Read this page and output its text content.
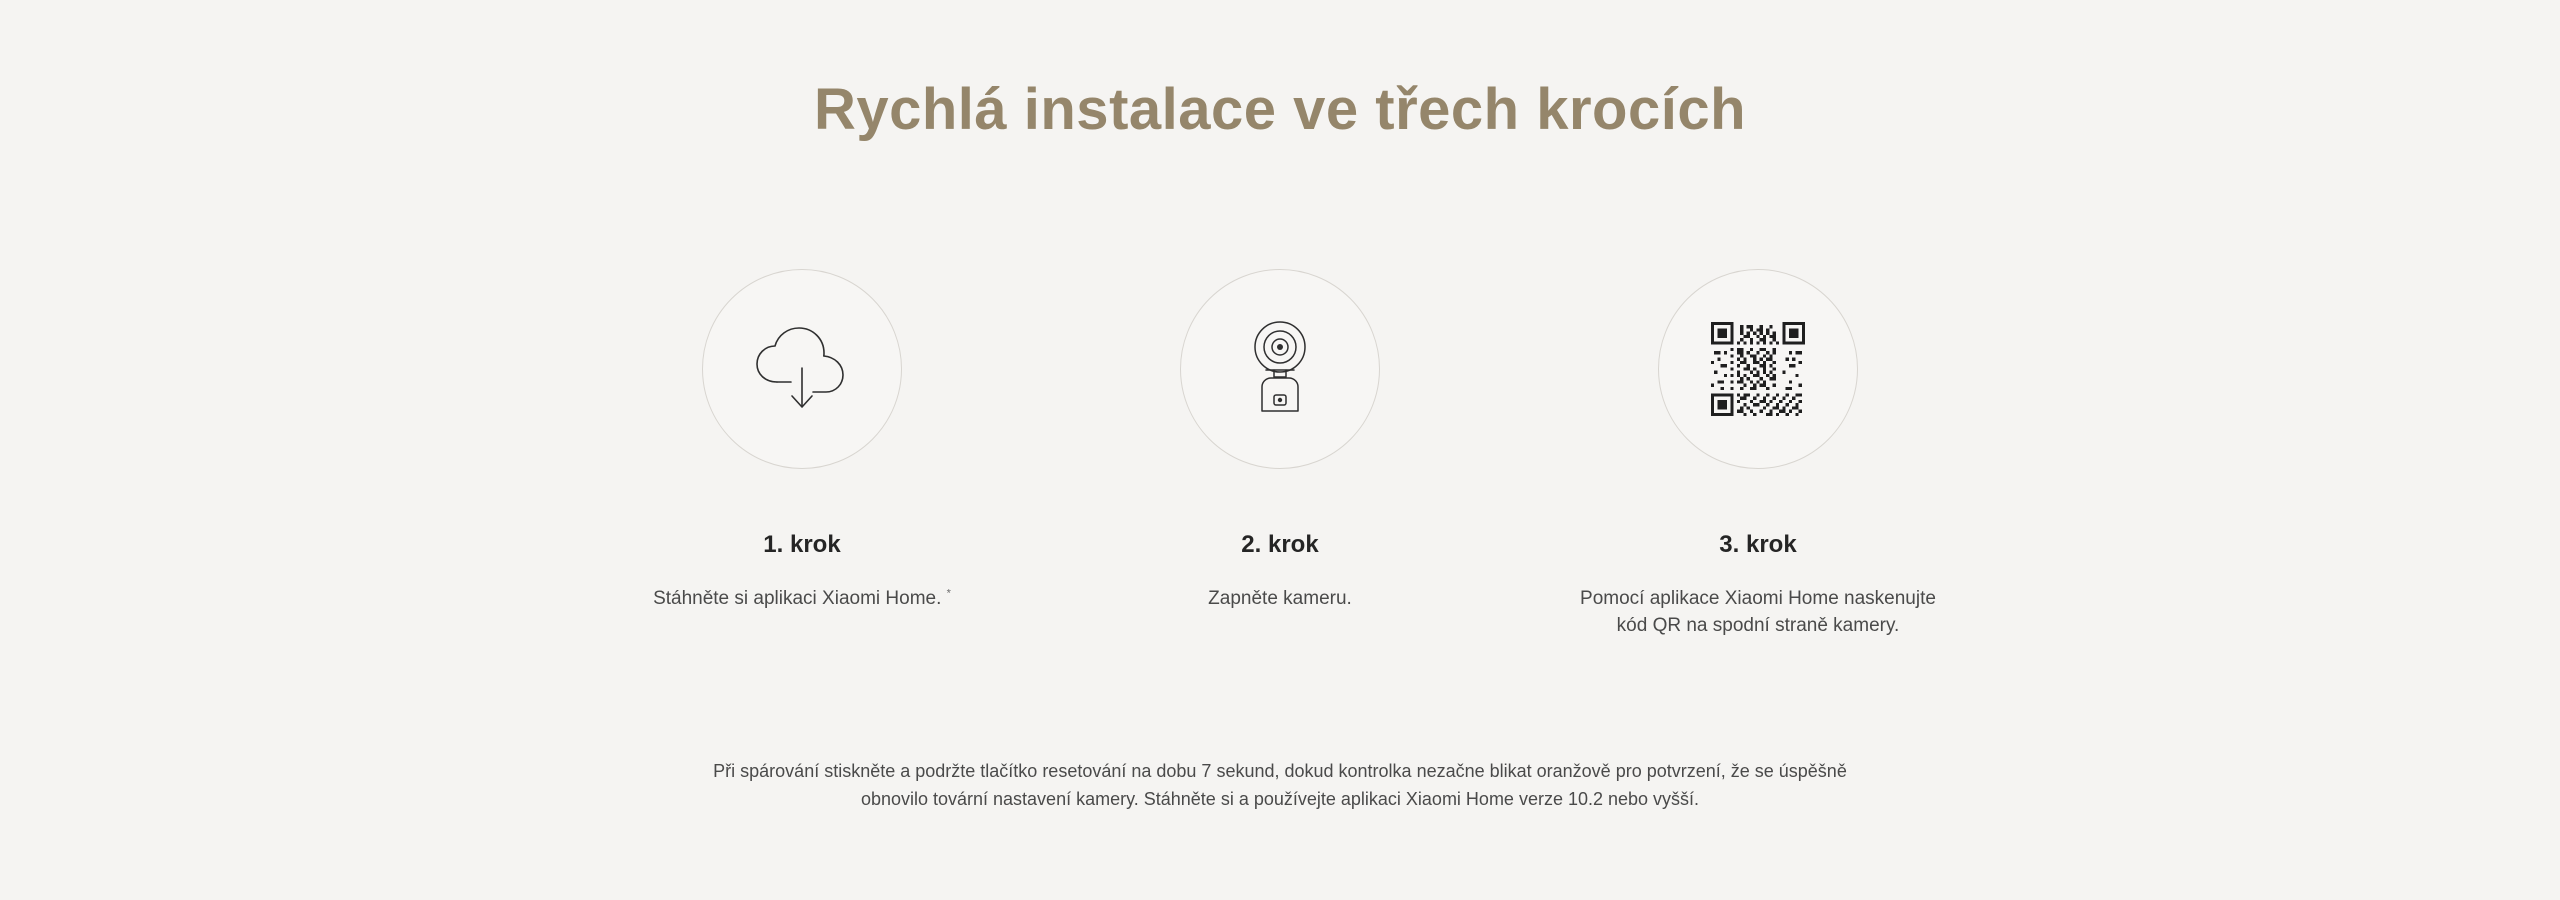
Rychlá instalace ve třech krocích
1. krok
Stáhněte si aplikaci Xiaomi Home. *
2. krok
Zapněte kameru.
3. krok
Pomocí aplikace Xiaomi Home naskenujte kód QR na spodní straně kamery.
Při spárování stiskněte a podržte tlačítko resetování na dobu 7 sekund, dokud kontrolka nezačne blikat oranžově pro potvrzení, že se úspěšně obnovilo tovární nastavení kamery. Stáhněte si a používejte aplikaci Xiaomi Home verze 10.2 nebo vyšší.
